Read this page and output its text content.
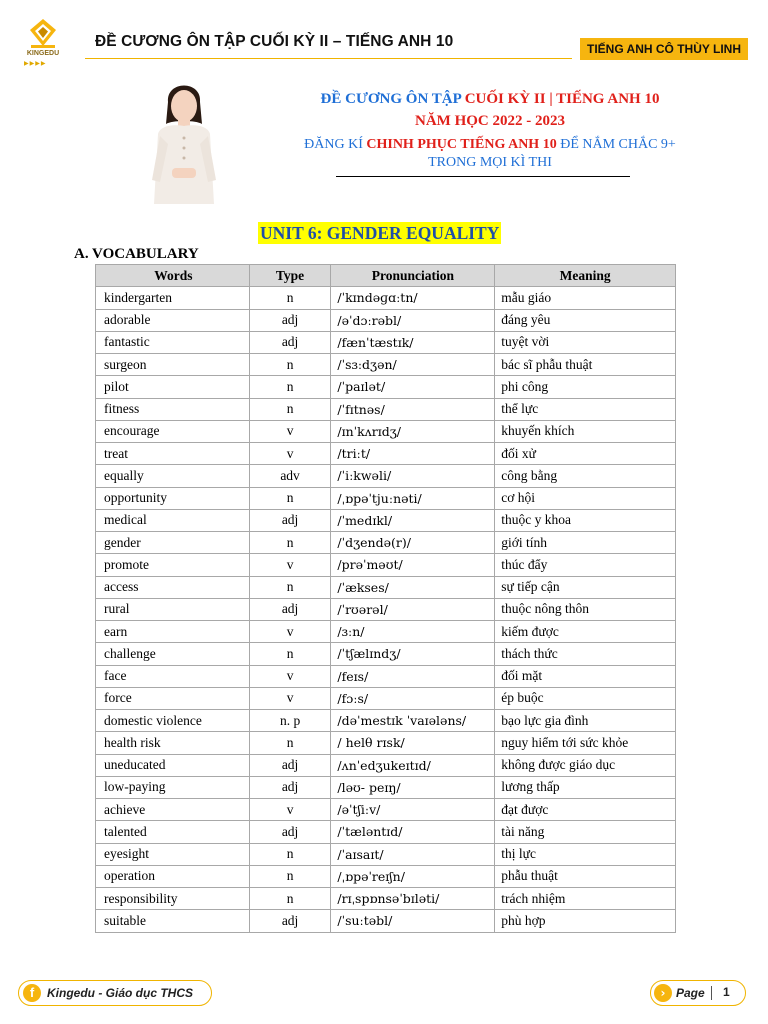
KINGEDU
▶▶▶▶
ĐỀ CƯƠNG ÔN TẬP CUỐI KỲ II – TIẾNG ANH 10	TIẾNG ANH CÔ THÙY LINH
ĐỀ CƯƠNG ÔN TẬP CUỐI KỲ II | TIẾNG ANH 10
NĂM HỌC 2022 - 2023
ĐĂNG KÍ CHINH PHỤC TIẾNG ANH 10 ĐỂ NẮM CHẮC 9+
TRONG MỌI KÌ THI
UNIT 6: GENDER EQUALITY
A. VOCABULARY
Words	Type	Pronunciation	Meaning
kindergarten	n	/ˈkɪndəɡɑːtn/	mẫu giáo
adorable	adj	/əˈdɔːrəbl/	đáng yêu
fantastic	adj	/fænˈtæstɪk/	tuyệt vời
surgeon	n	/ˈsɜːdʒən/	bác sĩ phẫu thuật
pilot	n	/ˈpaɪlət/	phi công
fitness	n	/ˈfɪtnəs/	thể lực
encourage	v	/ɪnˈkʌrɪdʒ/	khuyến khích
treat	v	/triːt/	đối xử
equally	adv	/ˈiːkwəli/	công bằng
opportunity	n	/ˌɒpəˈtjuːnəti/	cơ hội
medical	adj	/ˈmedɪkl/	thuộc y khoa
gender	n	/ˈdʒendə(r)/	giới tính
promote	v	/prəˈməʊt/	thúc đẩy
access	n	/ˈækses/	sự tiếp cận
rural	adj	/ˈrʊərəl/	thuộc nông thôn
earn	v	/ɜːn/	kiếm được
challenge	n	/ˈtʃælɪndʒ/	thách thức
face	v	/feɪs/	đối mặt
force	v	/fɔːs/	ép buộc
domestic violence	n. p	/dəˈmestɪk ˈvaɪələns/	bạo lực gia đình
health risk	n	/ helθ rɪsk/	nguy hiểm tới sức khỏe
uneducated	adj	/ʌnˈedʒukeɪtɪd/	không được giáo dục
low-paying	adj	/ləʊ- peɪŋ/	lương thấp
achieve	v	/əˈtʃiːv/	đạt được
talented	adj	/ˈtæləntɪd/	tài năng
eyesight	n	/ˈaɪsaɪt/	thị lực
operation	n	/ˌɒpəˈreɪʃn/	phẫu thuật
responsibility	n	/rɪˌspɒnsəˈbɪləti/	trách nhiệm
suitable	adj	/ˈsuːtəbl/	phù hợp
f	Kingedu - Giáo dục THCS	› Page 1
